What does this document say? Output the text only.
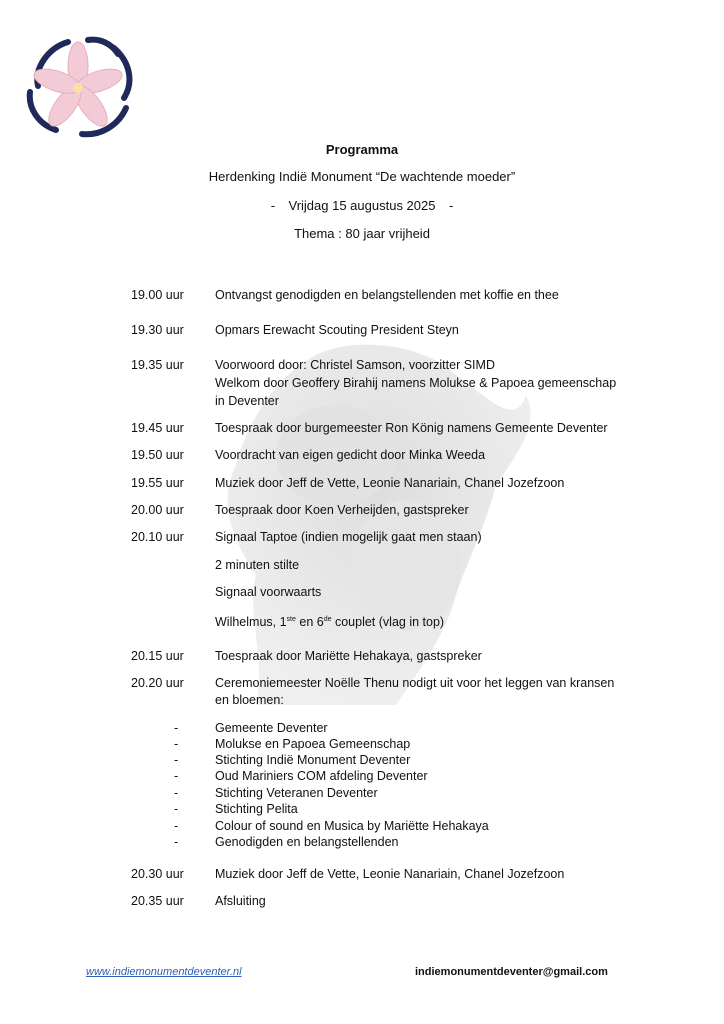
Programma
Herdenking Indië Monument “De wachtende moeder”
- Vrijdag 15 augustus 2025 -
Thema : 80 jaar vrijheid
19.00 uur	Ontvangst genodigden en belangstellenden met koffie en thee
19.30 uur	Opmars Erewacht Scouting President Steyn
19.35 uur	Voorwoord door: Christel Samson, voorzitter SIMD
Welkom door Geoffery Birahij namens Molukse & Papoea gemeenschap
in Deventer
19.45 uur	Toespraak door burgemeester Ron König namens Gemeente Deventer
19.50 uur	Voordracht van eigen gedicht door Minka Weeda
19.55 uur	Muziek door Jeff de Vette, Leonie Nanariain, Chanel Jozefzoon
20.00 uur	Toespraak door Koen Verheijden, gastspreker
20.10 uur	Signaal Taptoe (indien mogelijk gaat men staan)
2 minuten stilte
Signaal voorwaarts
Wilhelmus, 1ste en 6de couplet (vlag in top)
20.15 uur	Toespraak door Mariëtte Hehakaya, gastspreker
20.20 uur	Ceremoniemeester Noëlle Thenu nodigt uit voor het leggen van kransen
en bloemen:
-	Gemeente Deventer
-	Molukse en Papoea Gemeenschap
-	Stichting Indië Monument Deventer
-	Oud Mariniers COM afdeling Deventer
-	Stichting Veteranen Deventer
-	Stichting Pelita
-	Colour of sound en Musica by Mariëtte Hehakaya
-	Genodigden en belangstellenden
20.30 uur	Muziek door Jeff de Vette, Leonie Nanariain, Chanel Jozefzoon
20.35 uur	Afsluiting
www.indiemonumentdeventer.nl	indiemonumentdeventer@gmail.com
